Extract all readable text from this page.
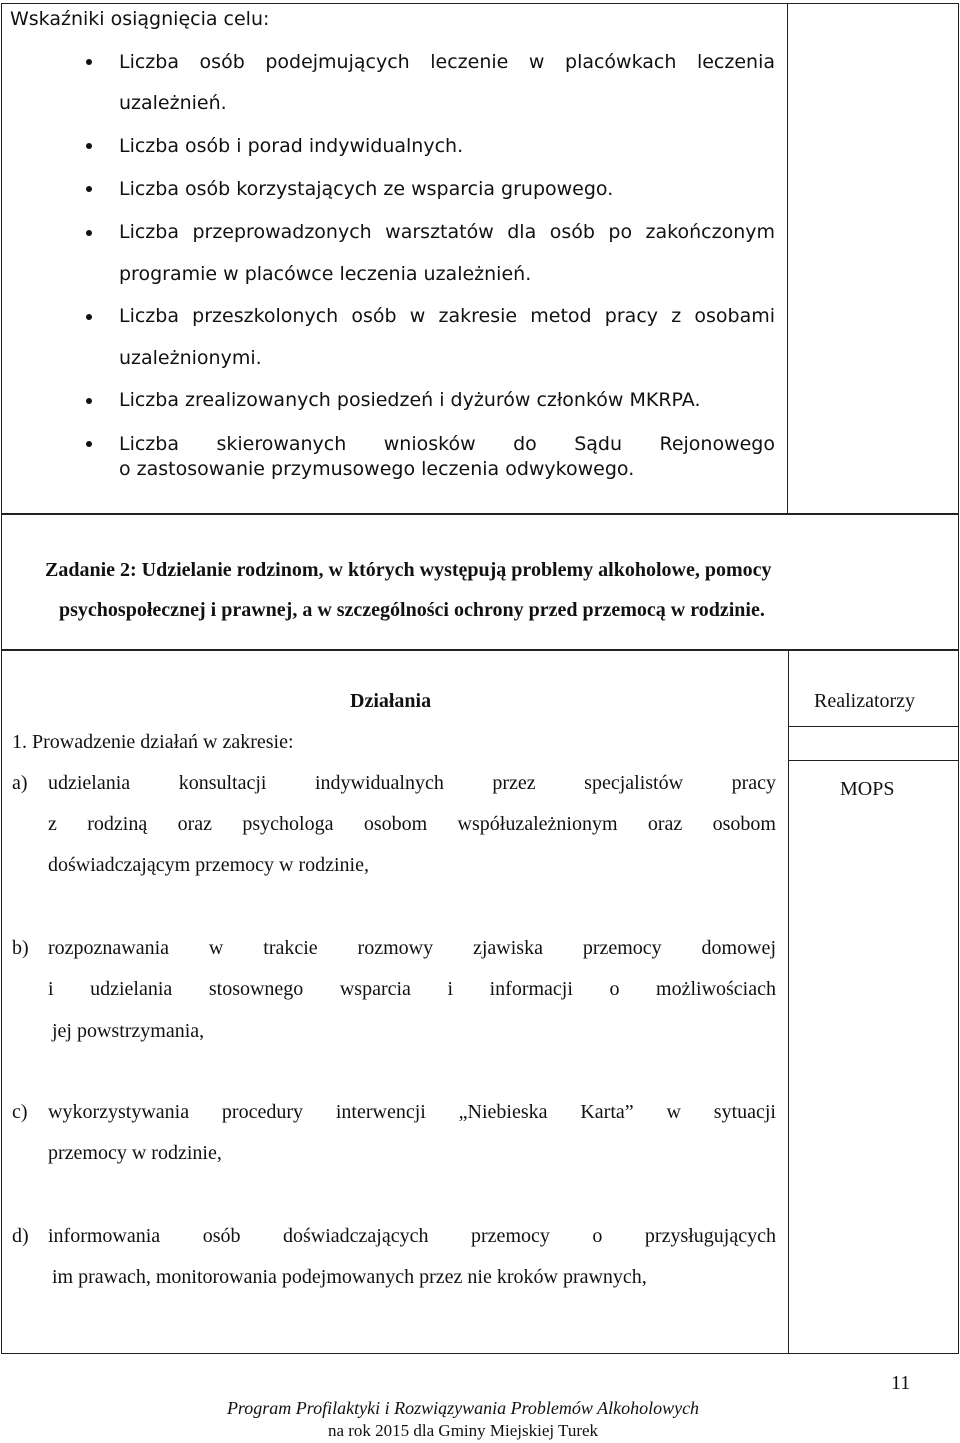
Wskaźniki osiągnięcia celu:
Liczba osób podejmujących leczenie w placówkach leczenia
uzależnień.
Liczba osób i porad indywidualnych.
Liczba osób korzystających ze wsparcia grupowego.
Liczba przeprowadzonych warsztatów dla osób po zakończonym
programie w placówce leczenia uzależnień.
Liczba przeszkolonych osób w zakresie metod pracy z osobami
uzależnionymi.
Liczba zrealizowanych posiedzeń i dyżurów członków MKRPA.
Liczba skierowanych wniosków do Sądu Rejonowego
o zastosowanie przymusowego leczenia odwykowego.
Zadanie 2: Udzielanie rodzinom, w których występują problemy alkoholowe, pomocy
psychospołecznej i prawnej, a w szczególności ochrony przed przemocą w rodzinie.
Działania	Realizatorzy
1. Prowadzenie działań w zakresie:
MOPS
a) udzielania konsultacji indywidualnych przez specjalistów pracy
z rodziną oraz psychologa osobom współuzależnionym oraz osobom
doświadczającym przemocy w rodzinie,
b) rozpoznawania w trakcie rozmowy zjawiska przemocy domowej
i udzielania stosownego wsparcia i informacji o możliwościach
jej powstrzymania,
c) wykorzystywania procedury interwencji „Niebieska Karta” w sytuacji
przemocy w rodzinie,
d) informowania osób doświadczających przemocy o przysługujących
im prawach, monitorowania podejmowanych przez nie kroków prawnych,
11
Program Profilaktyki i Rozwiązywania Problemów Alkoholowych
na rok 2015 dla Gminy Miejskiej Turek
